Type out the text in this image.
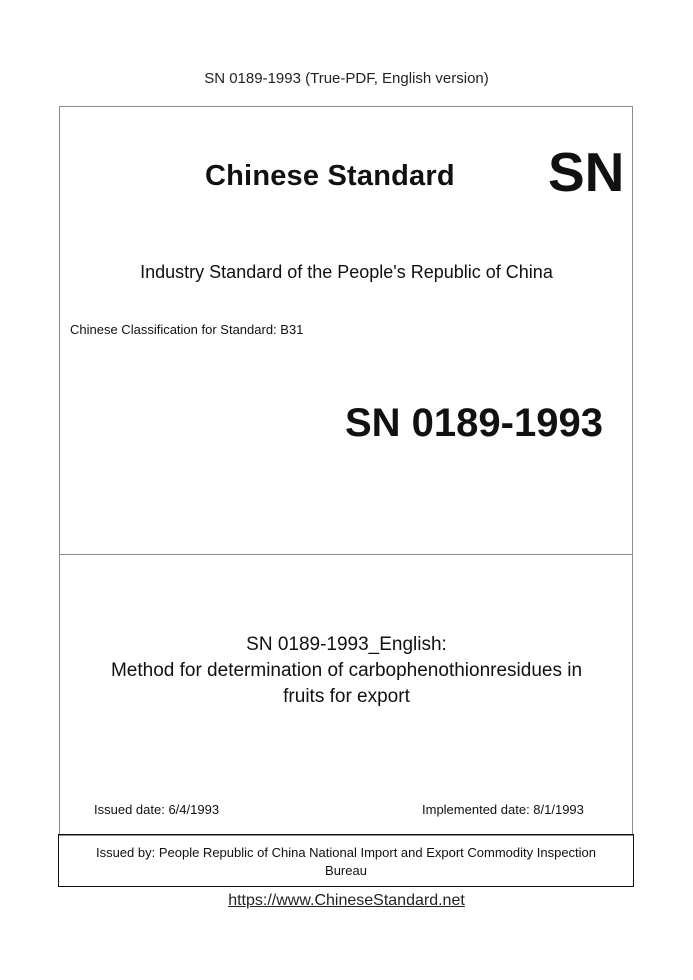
SN 0189-1993 (True-PDF, English version)
Chinese Standard SN
Industry Standard of the People's Republic of China
Chinese Classification for Standard: B31
SN 0189-1993
SN 0189-1993_English:
Method for determination of carbophenothionresidues in
fruits for export
Issued date: 6/4/1993	Implemented date: 8/1/1993
Issued by: People Republic of China National Import and Export Commodity Inspection
Bureau
https://www.ChineseStandard.net
